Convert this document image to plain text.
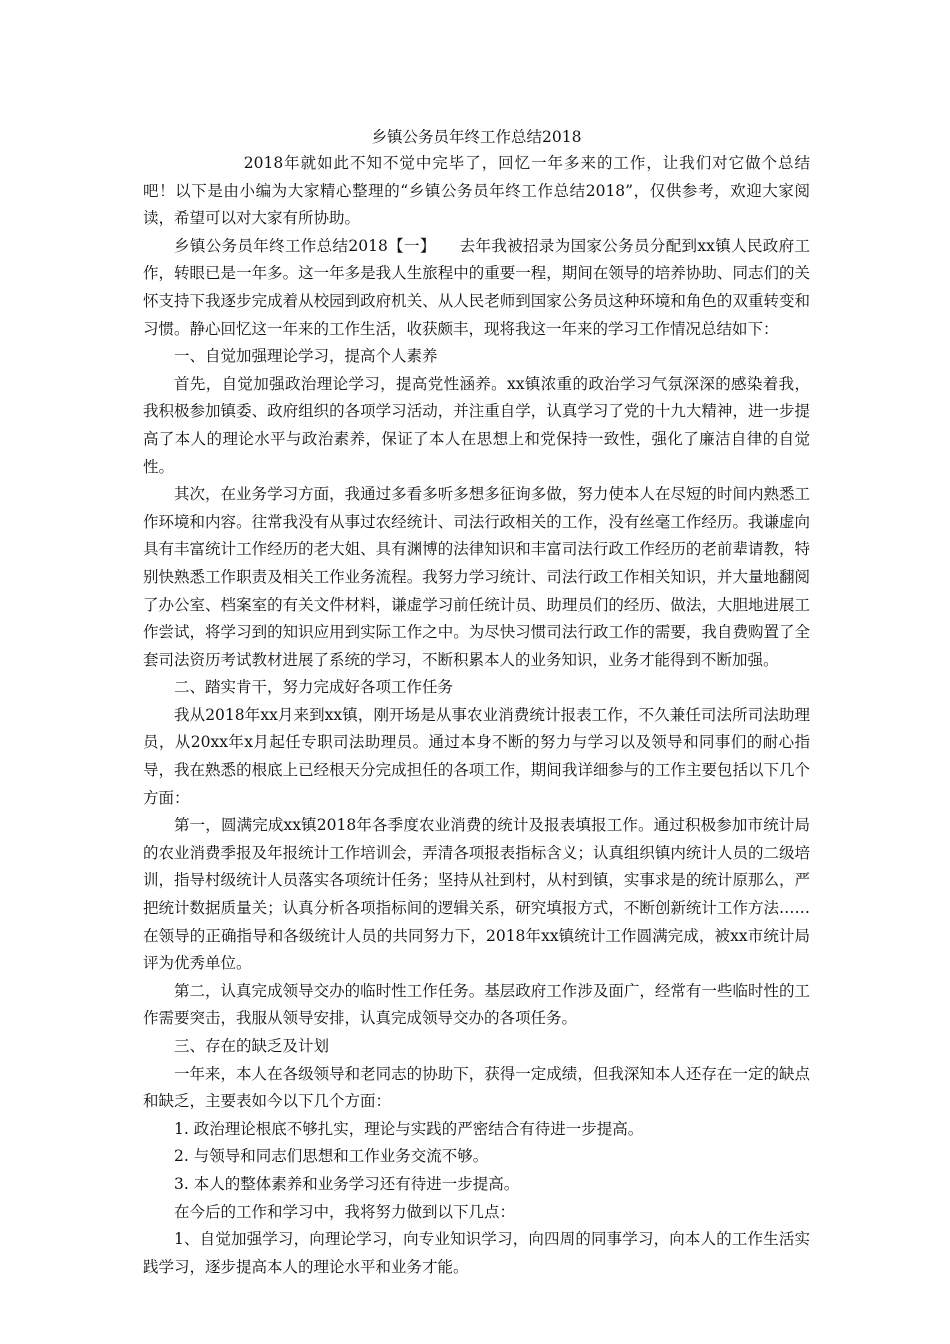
乡镇公务员年终工作总结2018

2018年就如此不知不觉中完毕了，回忆一年多来的工作，让我们对它做个总结吧！以下是由小编为大家精心整理的“乡镇公务员年终工作总结2018”，仅供参考，欢迎大家阅读，希望可以对大家有所协助。

乡镇公务员年终工作总结2018【一】　　去年我被招录为国家公务员分配到xx镇人民政府工作，转眼已是一年多。这一年多是我人生旅程中的重要一程，期间在领导的培养协助、同志们的关怀支持下我逐步完成着从校园到政府机关、从人民老师到国家公务员这种环境和角色的双重转变和习惯。静心回忆这一年来的工作生活，收获颇丰，现将我这一年来的学习工作情况总结如下：

一、自觉加强理论学习，提高个人素养

首先，自觉加强政治理论学习，提高党性涵养。xx镇浓重的政治学习气氛深深的感染着我，我积极参加镇委、政府组织的各项学习活动，并注重自学，认真学习了党的十九大精神，进一步提高了本人的理论水平与政治素养，保证了本人在思想上和党保持一致性，强化了廉洁自律的自觉性。

其次，在业务学习方面，我通过多看多听多想多征询多做，努力使本人在尽短的时间内熟悉工作环境和内容。往常我没有从事过农经统计、司法行政相关的工作，没有丝毫工作经历。我谦虚向具有丰富统计工作经历的老大姐、具有渊博的法律知识和丰富司法行政工作经历的老前辈请教，特别快熟悉工作职责及相关工作业务流程。我努力学习统计、司法行政工作相关知识，并大量地翻阅了办公室、档案室的有关文件材料，谦虚学习前任统计员、助理员们的经历、做法，大胆地进展工作尝试，将学习到的知识应用到实际工作之中。为尽快习惯司法行政工作的需要，我自费购置了全套司法资历考试教材进展了系统的学习，不断积累本人的业务知识，业务才能得到不断加强。

二、踏实肯干，努力完成好各项工作任务

我从2018年xx月来到xx镇，刚开场是从事农业消费统计报表工作，不久兼任司法所司法助理员，从20xx年x月起任专职司法助理员。通过本身不断的努力与学习以及领导和同事们的耐心指导，我在熟悉的根底上已经根天分完成担任的各项工作，期间我详细参与的工作主要包括以下几个方面：

第一，圆满完成xx镇2018年各季度农业消费的统计及报表填报工作。通过积极参加市统计局的农业消费季报及年报统计工作培训会，弄清各项报表指标含义；认真组织镇内统计人员的二级培训，指导村级统计人员落实各项统计任务；坚持从社到村，从村到镇，实事求是的统计原那么，严把统计数据质量关；认真分析各项指标间的逻辑关系，研究填报方式，不断创新统计工作方法……在领导的正确指导和各级统计人员的共同努力下，2018年xx镇统计工作圆满完成，被xx市统计局评为优秀单位。

第二，认真完成领导交办的临时性工作任务。基层政府工作涉及面广，经常有一些临时性的工作需要突击，我服从领导安排，认真完成领导交办的各项任务。

三、存在的缺乏及计划

一年来，本人在各级领导和老同志的协助下，获得一定成绩，但我深知本人还存在一定的缺点和缺乏，主要表如今以下几个方面：

1. 政治理论根底不够扎实，理论与实践的严密结合有待进一步提高。

2. 与领导和同志们思想和工作业务交流不够。

3. 本人的整体素养和业务学习还有待进一步提高。

在今后的工作和学习中，我将努力做到以下几点：

1、自觉加强学习，向理论学习，向专业知识学习，向四周的同事学习，向本人的工作生活实践学习，逐步提高本人的理论水平和业务才能。
